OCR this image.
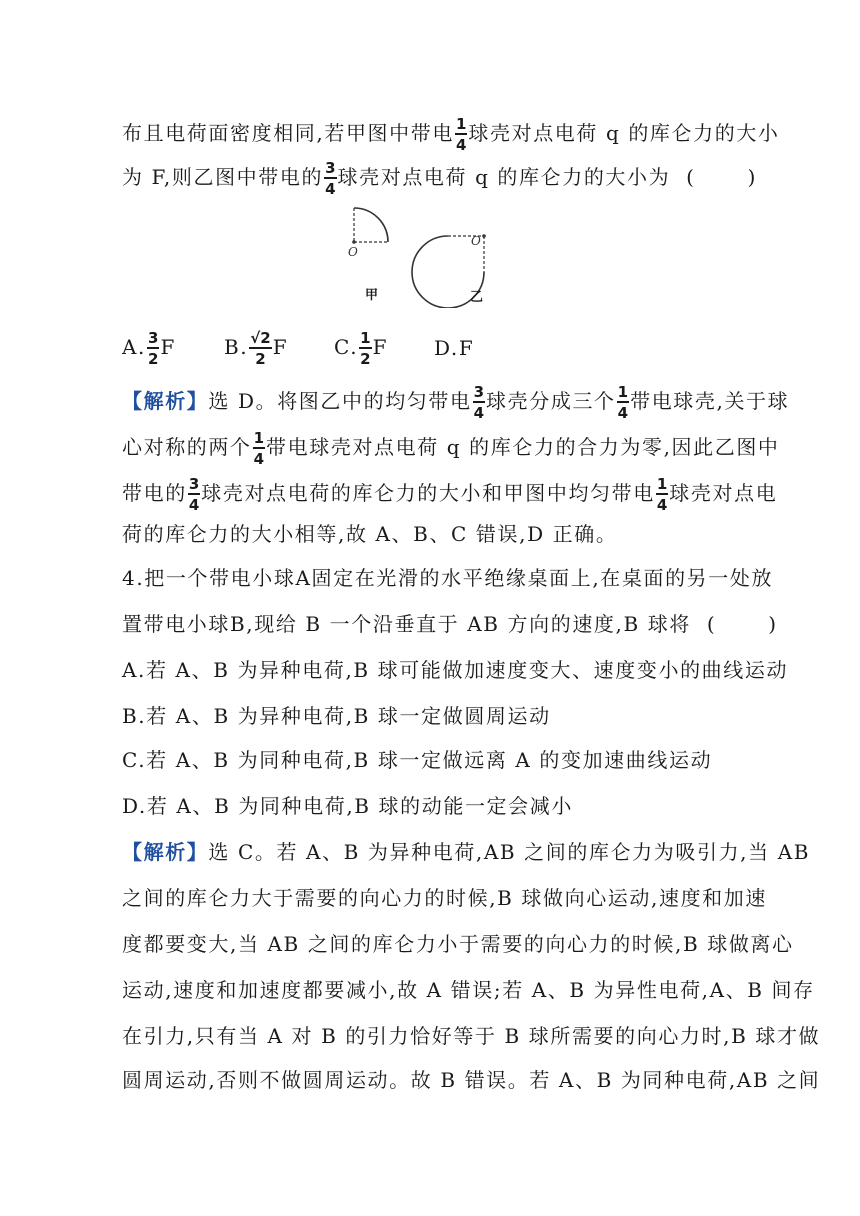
布且电荷面密度相同,若甲图中带电 $\frac{1}{4}$ 球壳对点电荷 q 的库仑力的大小
为 F,则乙图中带电的 $\frac{3}{4}$ 球壳对点电荷 q 的库仑力的大小为 (	)
O
O
甲	乙
A. $\frac{3}{2}$ F B. $\frac{√2}{2}$ F C. $\frac{1}{2}$ F D.F
【解析】选 D。将图乙中的均匀带电 $\frac{3}{4}$ 球壳分成三个 $\frac{1}{4}$ 带电球壳,关于球
心对称的两个 $\frac{1}{4}$ 带电球壳对点电荷 q 的库仑力的合力为零,因此乙图中
带电的 $\frac{3}{4}$ 球壳对点电荷的库仑力的大小和甲图中均匀带电 $\frac{1}{4}$ 球壳对点电
荷的库仑力的大小相等,故 A、B、C 错误,D 正确。
4.把一个带电小球A固定在光滑的水平绝缘桌面上,在桌面的另一处放
置带电小球B,现给 B 一个沿垂直于 AB 方向的速度,B 球将 (	)
A.若 A、B 为异种电荷,B 球可能做加速度变大、速度变小的曲线运动
B.若 A、B 为异种电荷,B 球一定做圆周运动
C.若 A、B 为同种电荷,B 球一定做远离 A 的变加速曲线运动
D.若 A、B 为同种电荷,B 球的动能一定会减小
【解析】选 C。若 A、B 为异种电荷,AB 之间的库仑力为吸引力,当 AB
之间的库仑力大于需要的向心力的时候,B 球做向心运动,速度和加速
度都要变大,当 AB 之间的库仑力小于需要的向心力的时候,B 球做离心
运动,速度和加速度都要减小,故 A 错误;若 A、B 为异性电荷,A、B 间存
在引力,只有当 A 对 B 的引力恰好等于 B 球所需要的向心力时,B 球才做
圆周运动,否则不做圆周运动。故 B 错误。若 A、B 为同种电荷,AB 之间
